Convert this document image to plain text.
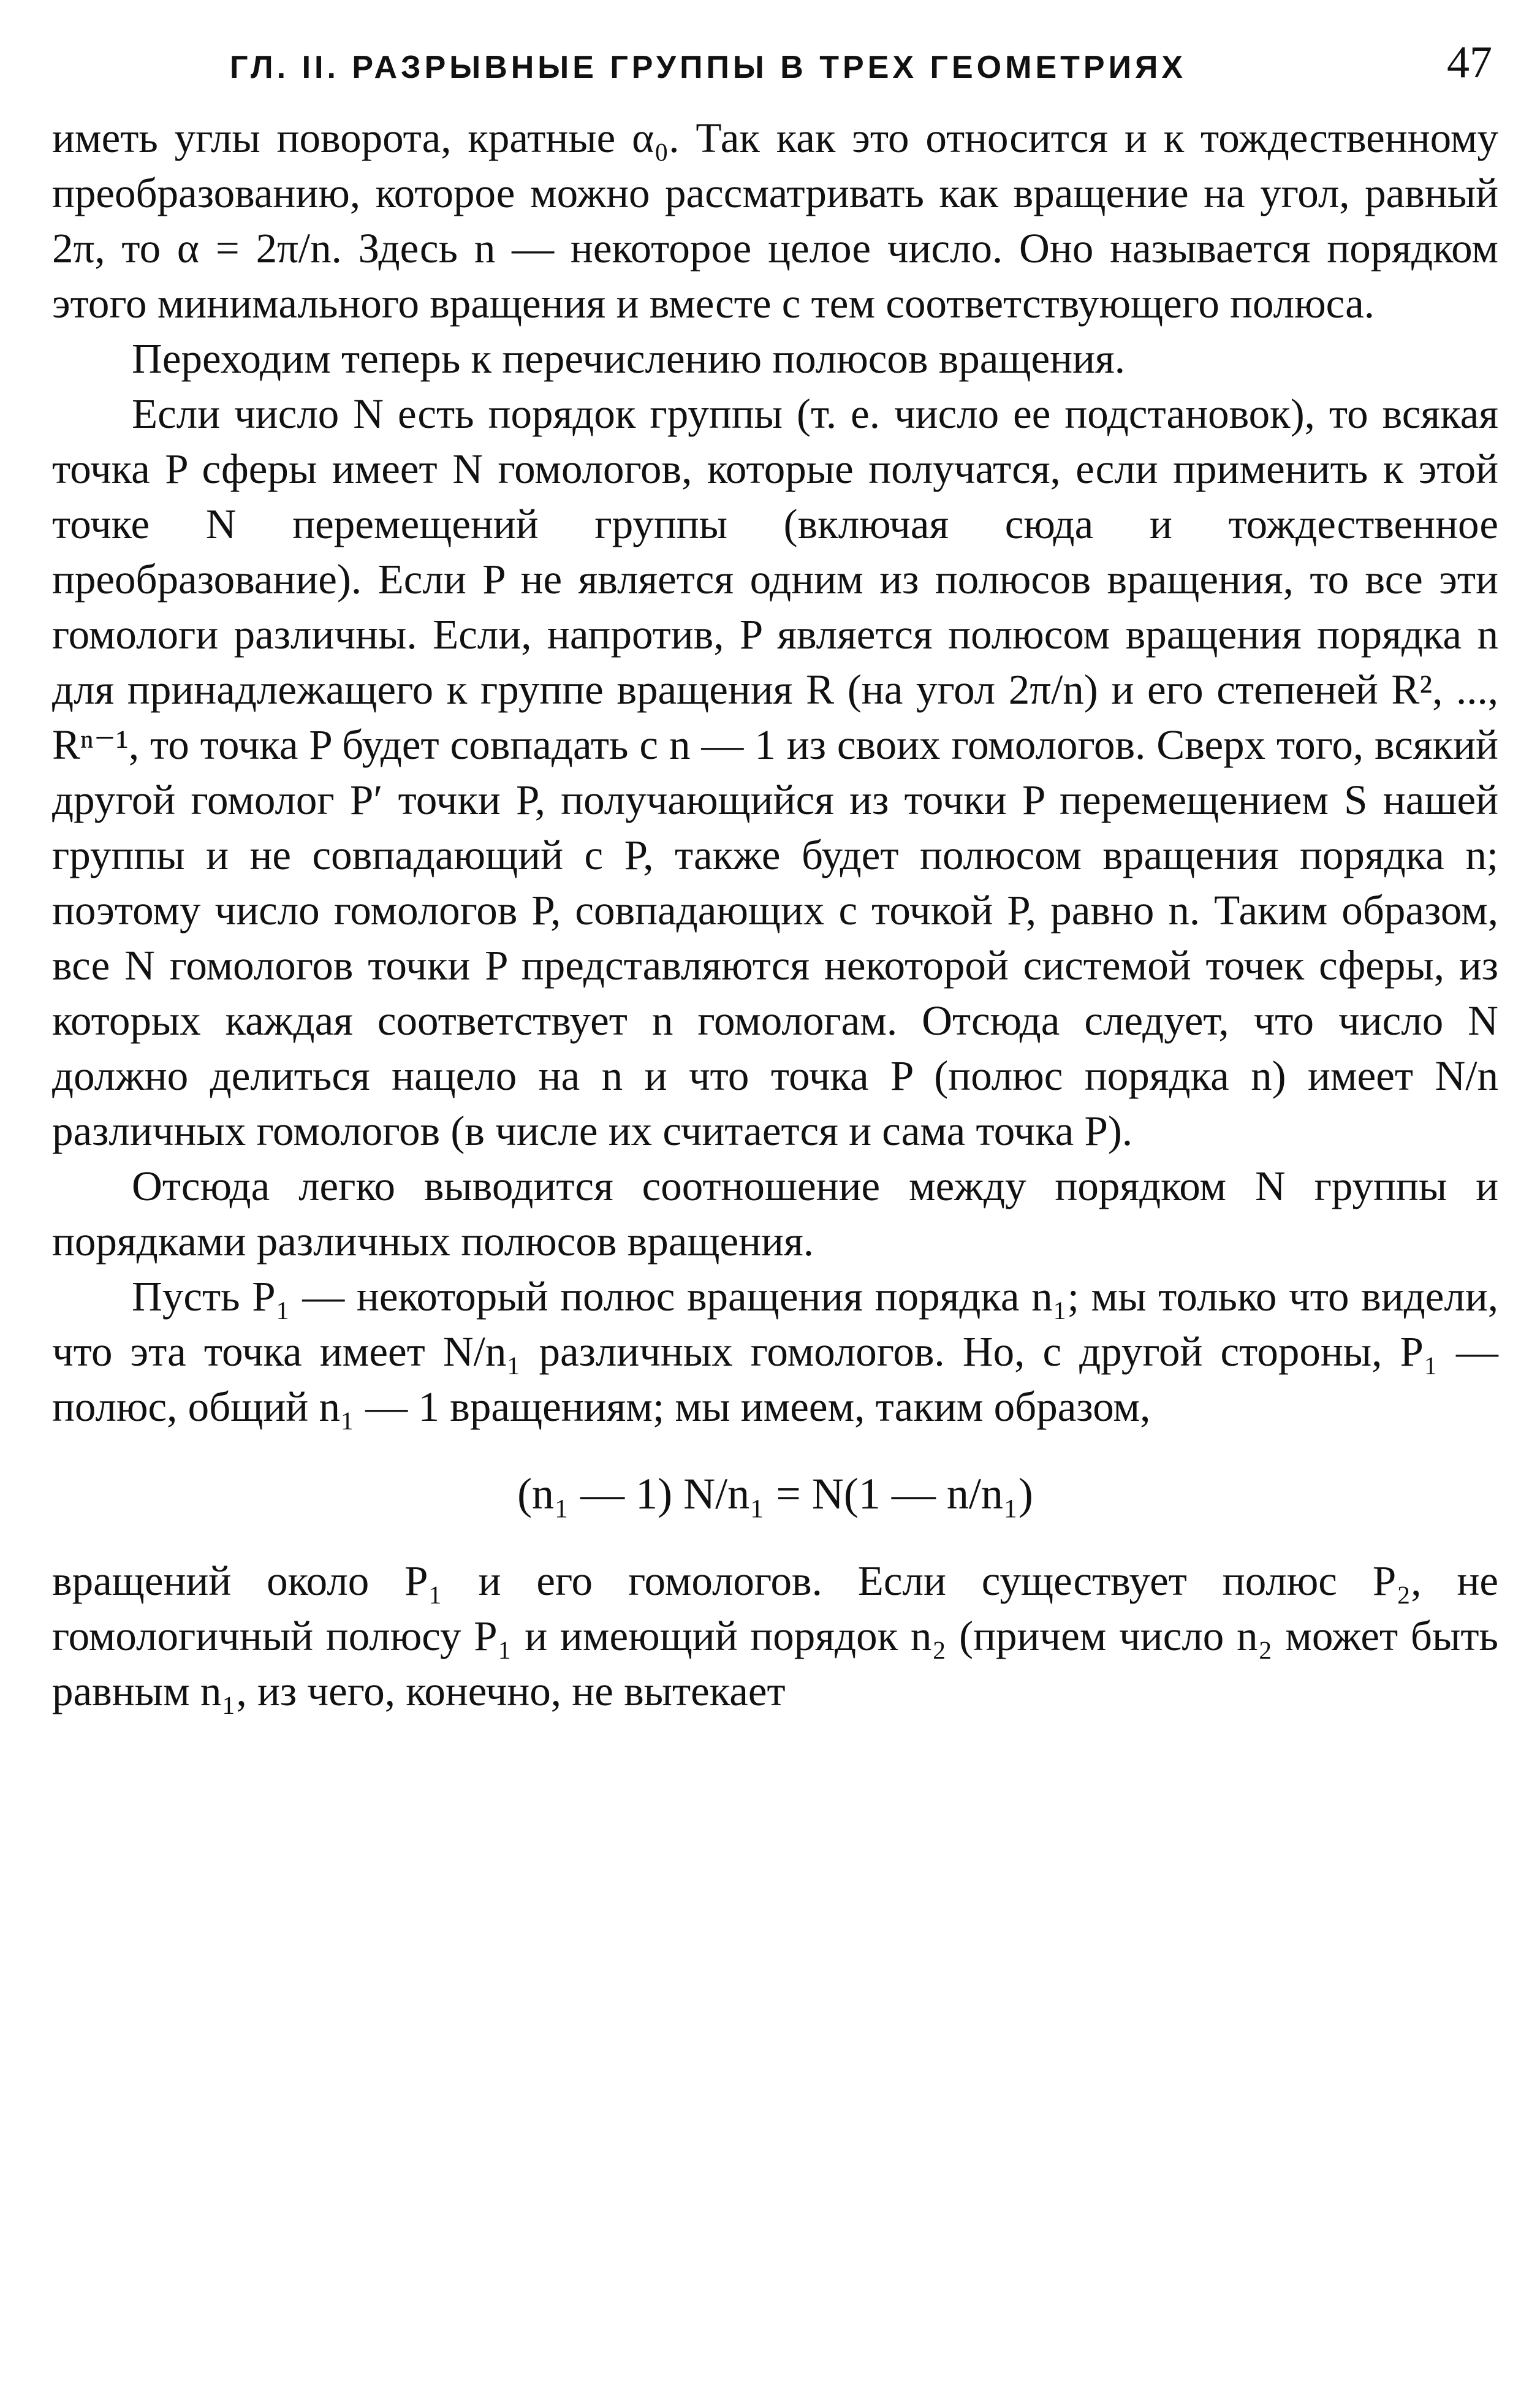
ГЛ. II. РАЗРЫВНЫЕ ГРУППЫ В ТРЕХ ГЕОМЕТРИЯХ	47

иметь углы поворота, кратные α₀. Так как это относится и к тождественному преобразованию, которое можно рассматривать как вращение на угол, равный 2π, то α = 2π/n. Здесь n — некоторое целое число. Оно называется порядком этого минимального вращения и вместе с тем соответствующего полюса.

Переходим теперь к перечислению полюсов вращения.

Если число N есть порядок группы (т. е. число ее подстановок), то всякая точка P сферы имеет N гомологов, которые получатся, если применить к этой точке N перемещений группы (включая сюда и тождественное преобразование). Если P не является одним из полюсов вращения, то все эти гомологи различны. Если, напротив, P является полюсом вращения порядка n для принадлежащего к группе вращения R (на угол 2π/n) и его степеней R², ..., Rⁿ⁻¹, то точка P будет совпадать с n — 1 из своих гомологов. Сверх того, всякий другой гомолог P′ точки P, получающийся из точки P перемещением S нашей группы и не совпадающий с P, также будет полюсом вращения порядка n; поэтому число гомологов P, совпадающих с точкой P, равно n. Таким образом, все N гомологов точки P представляются некоторой системой точек сферы, из которых каждая соответствует n гомологам. Отсюда следует, что число N должно делиться нацело на n и что точка P (полюс порядка n) имеет N/n различных гомологов (в числе их считается и сама точка P).

Отсюда легко выводится соотношение между порядком N группы и порядками различных полюсов вращения.

Пусть P₁ — некоторый полюс вращения порядка n₁; мы только что видели, что эта точка имеет N/n₁ различных гомологов. Но, с другой стороны, P₁ — полюс, общий n₁ — 1 вращениям; мы имеем, таким образом,

(n₁ — 1) N/n₁ = N(1 — n/n₁)

вращений около P₁ и его гомологов. Если существует полюс P₂, не гомологичный полюсу P₁ и имеющий порядок n₂ (причем число n₂ может быть равным n₁, из чего, конечно, не вытекает
